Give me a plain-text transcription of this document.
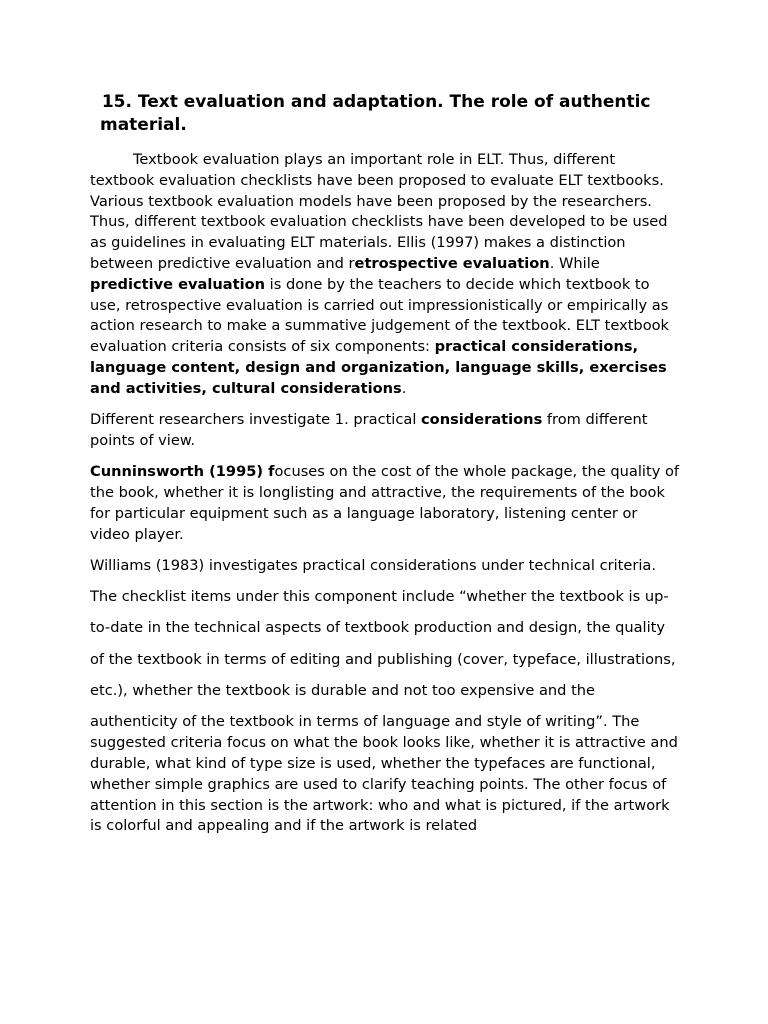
15. Text evaluation and adaptation. The role of authentic material.

Textbook evaluation plays an important role in ELT. Thus, different textbook evaluation checklists have been proposed to evaluate ELT textbooks. Various textbook evaluation models have been proposed by the researchers. Thus, different textbook evaluation checklists have been developed to be used as guidelines in evaluating ELT materials. Ellis (1997) makes a distinction between predictive evaluation and retrospective evaluation. While predictive evaluation is done by the teachers to decide which textbook to use, retrospective evaluation is carried out impressionistically or empirically as action research to make a summative judgement of the textbook. ELT textbook evaluation criteria consists of six components: practical considerations, language content, design and organization, language skills, exercises and activities, cultural considerations.

Different researchers investigate 1. practical considerations from different points of view.

Cunninsworth (1995) focuses on the cost of the whole package, the quality of the book, whether it is longlisting and attractive, the requirements of the book for particular equipment such as a language laboratory, listening center or video player.

Williams (1983) investigates practical considerations under technical criteria.

The checklist items under this component include “whether the textbook is up-

to-date in the technical aspects of textbook production and design, the quality

of the textbook in terms of editing and publishing (cover, typeface, illustrations,

etc.), whether the textbook is durable and not too expensive and the

authenticity of the textbook in terms of language and style of writing”. The suggested criteria focus on what the book looks like, whether it is attractive and durable, what kind of type size is used, whether the typefaces are functional, whether simple graphics are used to clarify teaching points. The other focus of attention in this section is the artwork: who and what is pictured, if the artwork is colorful and appealing and if the artwork is related
